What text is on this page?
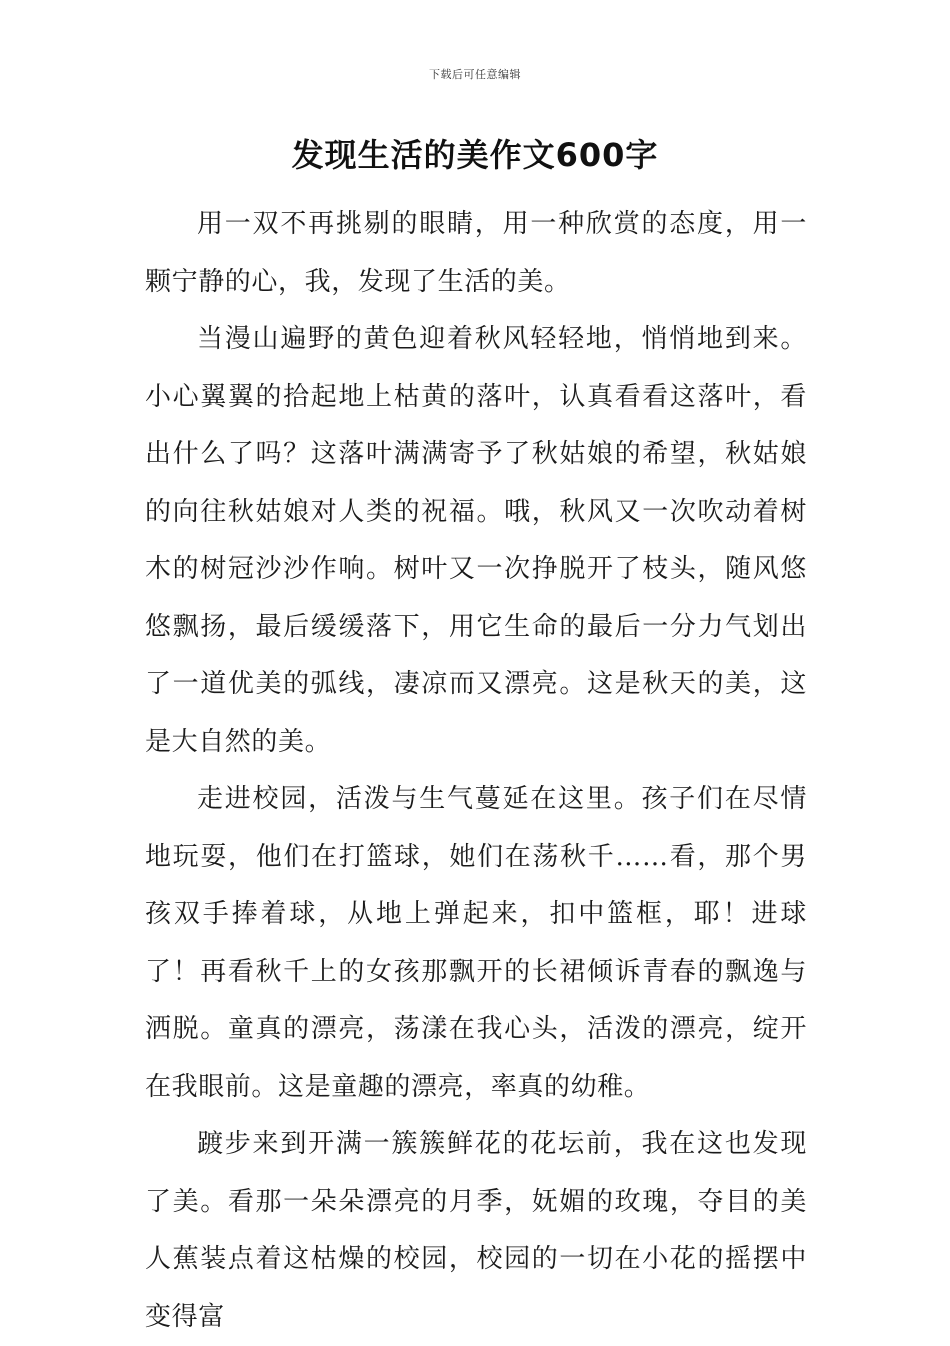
下载后可任意编辑
发现生活的美作文600字

用一双不再挑剔的眼睛，用一种欣赏的态度，用一颗宁静的心，我，发现了生活的美。

当漫山遍野的黄色迎着秋风轻轻地，悄悄地到来。小心翼翼的拾起地上枯黄的落叶，认真看看这落叶，看出什么了吗？这落叶满满寄予了秋姑娘的希望，秋姑娘的向往秋姑娘对人类的祝福。哦，秋风又一次吹动着树木的树冠沙沙作响。树叶又一次挣脱开了枝头，随风悠悠飘扬，最后缓缓落下，用它生命的最后一分力气划出了一道优美的弧线，凄凉而又漂亮。这是秋天的美，这是大自然的美。

走进校园，活泼与生气蔓延在这里。孩子们在尽情地玩耍，他们在打篮球，她们在荡秋千……看，那个男孩双手捧着球，从地上弹起来，扣中篮框，耶！进球了！再看秋千上的女孩那飘开的长裙倾诉青春的飘逸与洒脱。童真的漂亮，荡漾在我心头，活泼的漂亮，绽开在我眼前。这是童趣的漂亮，率真的幼稚。

踱步来到开满一簇簇鲜花的花坛前，我在这也发现了美。看那一朵朵漂亮的月季，妩媚的玫瑰，夺目的美人蕉装点着这枯燥的校园，校园的一切在小花的摇摆中变得富
